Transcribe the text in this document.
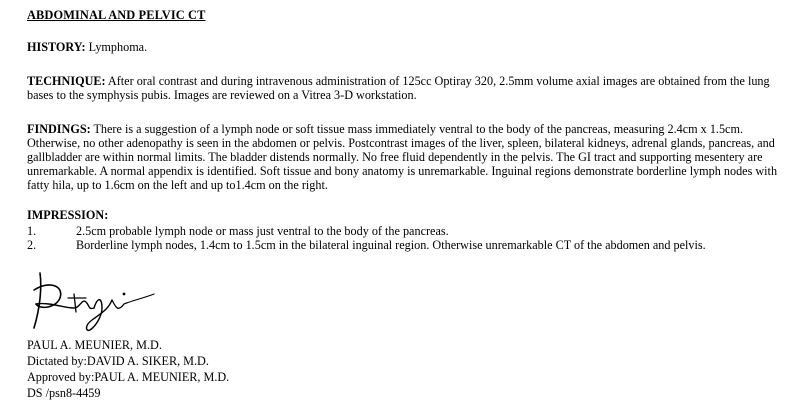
ABDOMINAL AND PELVIC CT
HISTORY: Lymphoma.
TECHNIQUE: After oral contrast and during intravenous administration of 125cc Optiray 320, 2.5mm volume axial images are obtained from the lung bases to the symphysis pubis. Images are reviewed on a Vitrea 3-D workstation.
FINDINGS: There is a suggestion of a lymph node or soft tissue mass immediately ventral to the body of the pancreas, measuring 2.4cm x 1.5cm. Otherwise, no other adenopathy is seen in the abdomen or pelvis. Postcontrast images of the liver, spleen, bilateral kidneys, adrenal glands, pancreas, and gallbladder are within normal limits. The bladder distends normally. No free fluid dependently in the pelvis. The GI tract and supporting mesentery are unremarkable. A normal appendix is identified. Soft tissue and bony anatomy is unremarkable. Inguinal regions demonstrate borderline lymph nodes with fatty hila, up to 1.6cm on the left and up to1.4cm on the right.
IMPRESSION:
1.	2.5cm probable lymph node or mass just ventral to the body of the pancreas.
2.	Borderline lymph nodes, 1.4cm to 1.5cm in the bilateral inguinal region. Otherwise unremarkable CT of the abdomen and pelvis.
PAUL A. MEUNIER, M.D.
Dictated by:DAVID A. SIKER, M.D.
Approved by:PAUL A. MEUNIER, M.D.
DS /psn8-4459
